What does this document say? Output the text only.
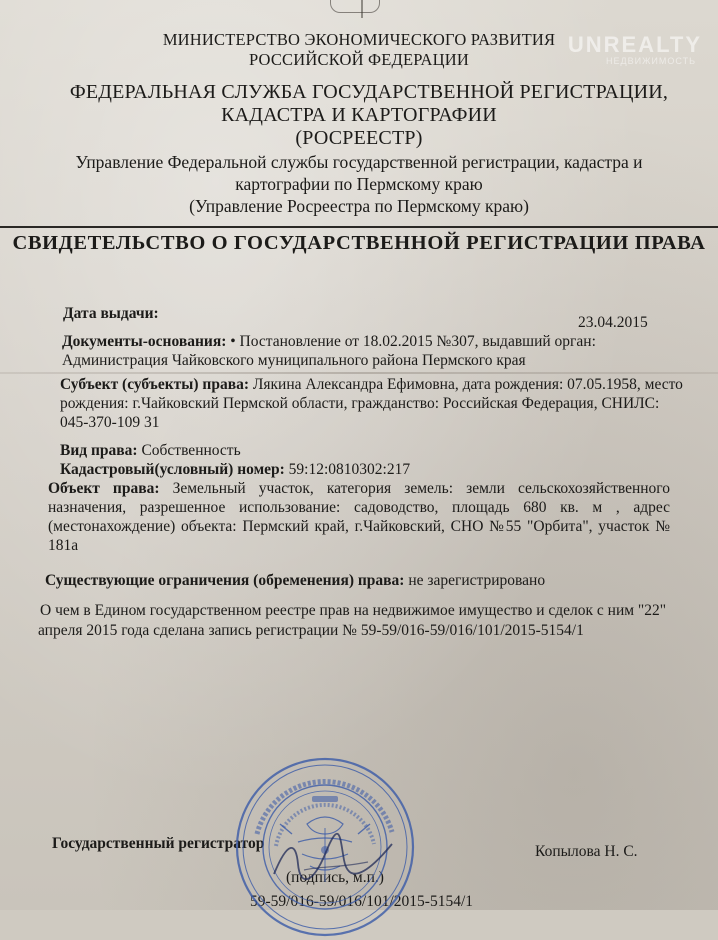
UNREALTY
НЕДВИЖИМОСТЬ
МИНИСТЕРСТВО ЭКОНОМИЧЕСКОГО РАЗВИТИЯ
РОССИЙСКОЙ ФЕДЕРАЦИИ
ФЕДЕРАЛЬНАЯ СЛУЖБА ГОСУДАРСТВЕННОЙ РЕГИСТРАЦИИ,
КАДАСТРА И КАРТОГРАФИИ
(РОСРЕЕСТР)
Управление Федеральной службы государственной регистрации, кадастра и
картографии по Пермскому краю
(Управление Росреестра по Пермскому краю)
СВИДЕТЕЛЬСТВО О ГОСУДАРСТВЕННОЙ РЕГИСТРАЦИИ ПРАВА
Дата выдачи:
23.04.2015
Документы-основания: • Постановление от 18.02.2015 №307, выдавший орган:
Администрация Чайковского муниципального района Пермского края
Субъект (субъекты) права: Лякина Александра Ефимовна, дата рождения: 07.05.1958, место
рождения: г.Чайковский Пермской области, гражданство: Российская Федерация, СНИЛС:
045-370-109 31
Вид права: Собственность
Кадастровый(условный) номер: 59:12:0810302:217
Объект права: Земельный участок, категория земель: земли сельскохозяйственного
назначения, разрешенное использование: садоводство, площадь 680 кв. м , адрес
(местонахождение) объекта: Пермский край, г.Чайковский, СНО №55 "Орбита", участок №
181а
Существующие ограничения (обременения) права: не зарегистрировано
О чем в Едином государственном реестре прав на недвижимое имущество и сделок с ним "22"
апреля 2015 года сделана запись регистрации № 59-59/016-59/016/101/2015-5154/1
Государственный регистратор	Копылова Н. С.
(подпись, м.п.)
59-59/016-59/016/101/2015-5154/1
